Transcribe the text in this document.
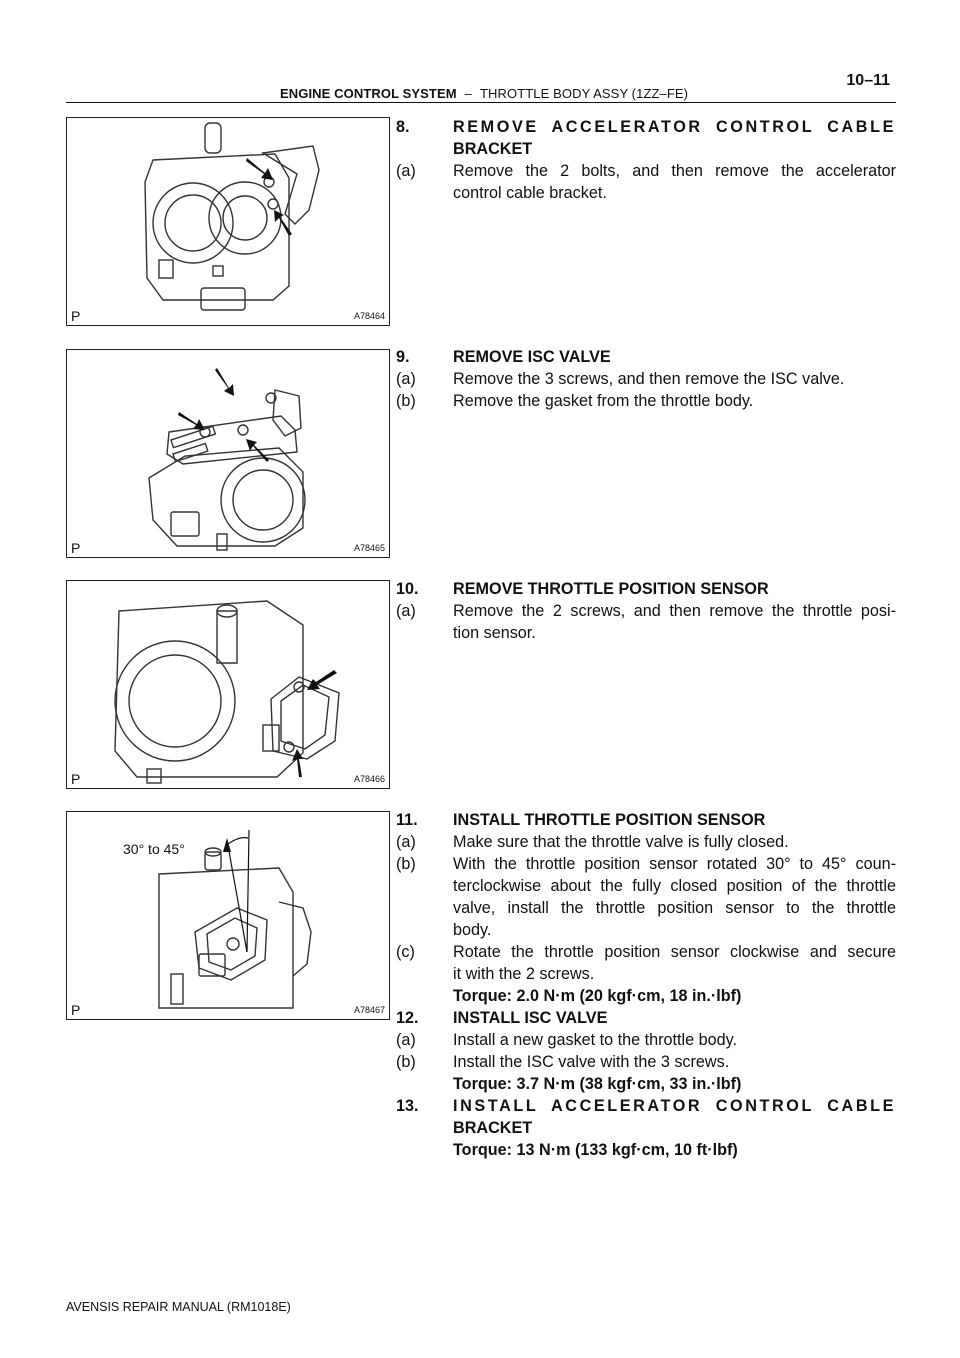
ENGINE CONTROL SYSTEM – THROTTLE BODY ASSY (1ZZ–FE)
10–11
P	A78464
P	A78465
P	A78466
30° to 45°
P	A78467
8.	REMOVE ACCELERATOR CONTROL CABLE
BRACKET
(a) Remove the 2 bolts, and then remove the accelerator
control cable bracket.
9.	REMOVE ISC VALVE
(a) Remove the 3 screws, and then remove the ISC valve.
(b) Remove the gasket from the throttle body.
10. REMOVE THROTTLE POSITION SENSOR
(a) Remove the 2 screws, and then remove the throttle posi-
tion sensor.
11. INSTALL THROTTLE POSITION SENSOR
(a) Make sure that the throttle valve is fully closed.
(b) With the throttle position sensor rotated 30° to 45° coun-
terclockwise about the fully closed position of the throttle
valve, install the throttle position sensor to the throttle
body.
(c) Rotate the throttle position sensor clockwise and secure
it with the 2 screws.
Torque: 2.0 N·m (20 kgf·cm, 18 in.·lbf)
12. INSTALL ISC VALVE
(a) Install a new gasket to the throttle body.
(b) Install the ISC valve with the 3 screws.
Torque: 3.7 N·m (38 kgf·cm, 33 in.·lbf)
13. INSTALL ACCELERATOR CONTROL CABLE
BRACKET
Torque: 13 N·m (133 kgf·cm, 10 ft·lbf)
AVENSIS REPAIR MANUAL (RM1018E)
